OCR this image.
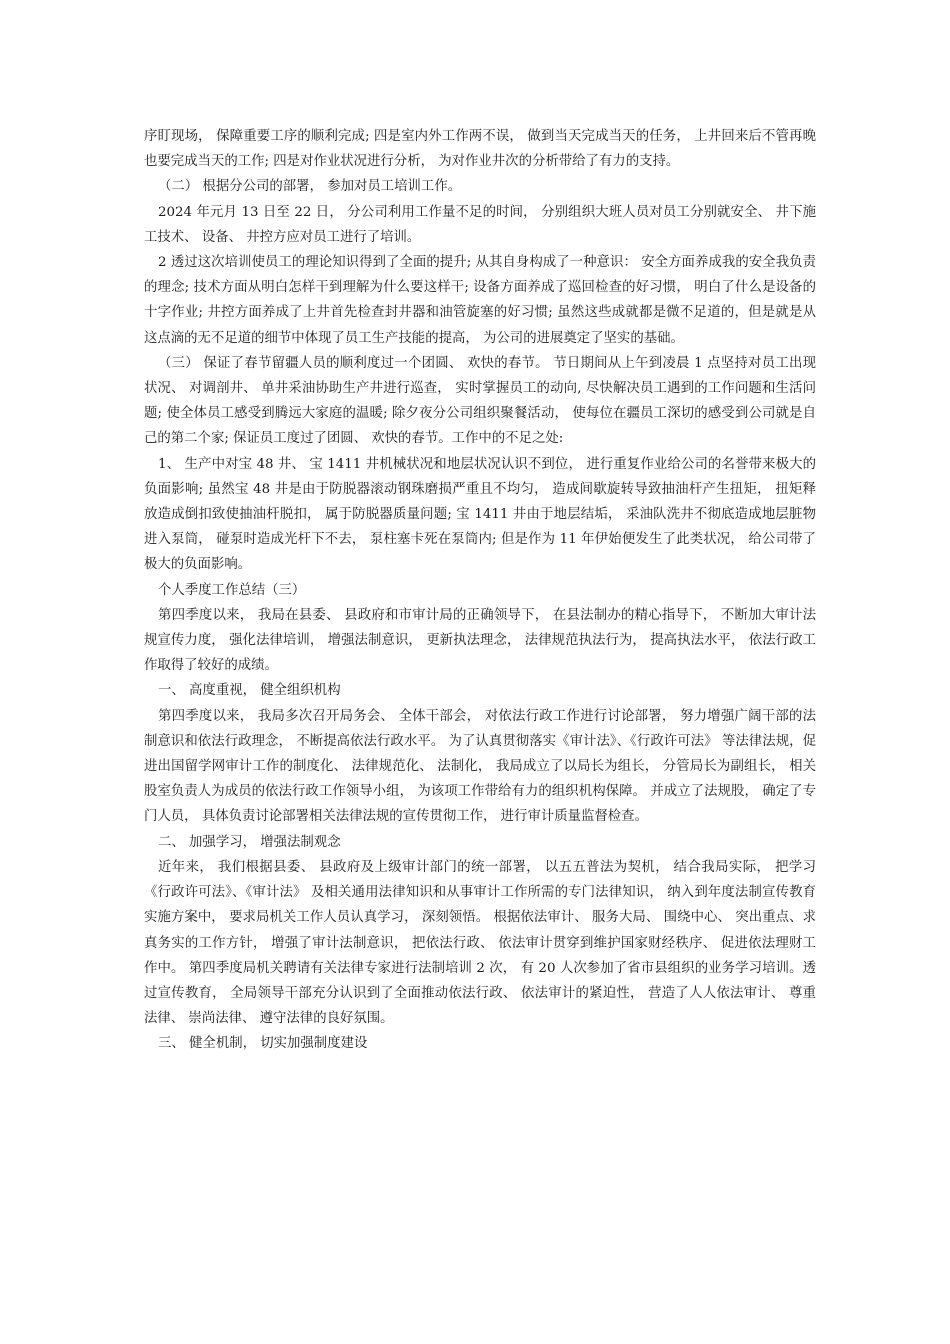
序盯现场， 保障重要工序的顺利完成; 四是室内外工作两不误， 做到当天完成当天的任务， 上井回来后不管再晚也要完成当天的工作; 四是对作业状况进行分析， 为对作业井次的分析带给了有力的支持。

（二） 根据分公司的部署， 参加对员工培训工作。

2024 年元月 13 日至 22 日， 分公司利用工作量不足的时间， 分别组织大班人员对员工分别就安全、 井下施工技术、 设备、 井控方应对员工进行了培训。

2 透过这次培训使员工的理论知识得到了全面的提升; 从其自身构成了一种意识： 安全方面养成我的安全我负责的理念; 技术方面从明白怎样干到理解为什么要这样干; 设备方面养成了巡回检查的好习惯， 明白了什么是设备的十字作业; 井控方面养成了上井首先检查封井器和油管旋塞的好习惯; 虽然这些成就都是微不足道的，但是就是从这点滴的无不足道的细节中体现了员工生产技能的提高， 为公司的进展奠定了坚实的基础。

（三） 保证了春节留疆人员的顺利度过一个团圆、 欢快的春节。 节日期间从上午到凌晨 1 点坚持对员工出现状况、 对调剖井、 单井采油协助生产井进行巡查， 实时掌握员工的动向, 尽快解决员工遇到的工作问题和生活问题; 使全体员工感受到腾远大家庭的温暖; 除夕夜分公司组织聚餐活动， 使每位在疆员工深切的感受到公司就是自己的第二个家; 保证员工度过了团圆、 欢快的春节。工作中的不足之处:

1、 生产中对宝 48 井、 宝 1411 井机械状况和地层状况认识不到位， 进行重复作业给公司的名誉带来极大的负面影响; 虽然宝 48 井是由于防脱器滚动钢珠磨损严重且不均匀， 造成间歇旋转导致抽油杆产生扭矩， 扭矩释放造成倒扣致使抽油杆脱扣， 属于防脱器质量问题; 宝 1411 井由于地层结垢， 采油队洗井不彻底造成地层脏物进入泵筒， 碰泵时造成光杆下不去， 泵柱塞卡死在泵筒内; 但是作为 11 年伊始便发生了此类状况， 给公司带了极大的负面影响。

个人季度工作总结（三）

第四季度以来， 我局在县委、 县政府和市审计局的正确领导下， 在县法制办的精心指导下， 不断加大审计法规宣传力度， 强化法律培训， 增强法制意识， 更新执法理念， 法律规范执法行为， 提高执法水平， 依法行政工作取得了较好的成绩。

一、 高度重视， 健全组织机构

第四季度以来， 我局多次召开局务会、 全体干部会， 对依法行政工作进行讨论部署， 努力增强广阔干部的法制意识和依法行政理念， 不断提高依法行政水平。 为了认真贯彻落实《审计法》、《行政许可法》 等法律法规，促进出国留学网审计工作的制度化、 法律规范化、 法制化， 我局成立了以局长为组长， 分管局长为副组长， 相关股室负责人为成员的依法行政工作领导小组， 为该项工作带给有力的组织机构保障。 并成立了法规股， 确定了专门人员， 具体负责讨论部署相关法律法规的宣传贯彻工作， 进行审计质量监督检查。

二、 加强学习， 增强法制观念

近年来， 我们根据县委、 县政府及上级审计部门的统一部署， 以五五普法为契机， 结合我局实际， 把学习《行政许可法》、《审计法》 及相关通用法律知识和从事审计工作所需的专门法律知识， 纳入到年度法制宣传教育实施方案中， 要求局机关工作人员认真学习， 深刻领悟。 根据依法审计、 服务大局、 围绕中心、 突出重点、求真务实的工作方针， 增强了审计法制意识， 把依法行政、 依法审计贯穿到维护国家财经秩序、 促进依法理财工作中。 第四季度局机关聘请有关法律专家进行法制培训 2 次， 有 20 人次参加了省市县组织的业务学习培训。透过宣传教育， 全局领导干部充分认识到了全面推动依法行政、 依法审计的紧迫性， 营造了人人依法审计、 尊重法律、 崇尚法律、 遵守法律的良好氛围。

三、 健全机制， 切实加强制度建设
